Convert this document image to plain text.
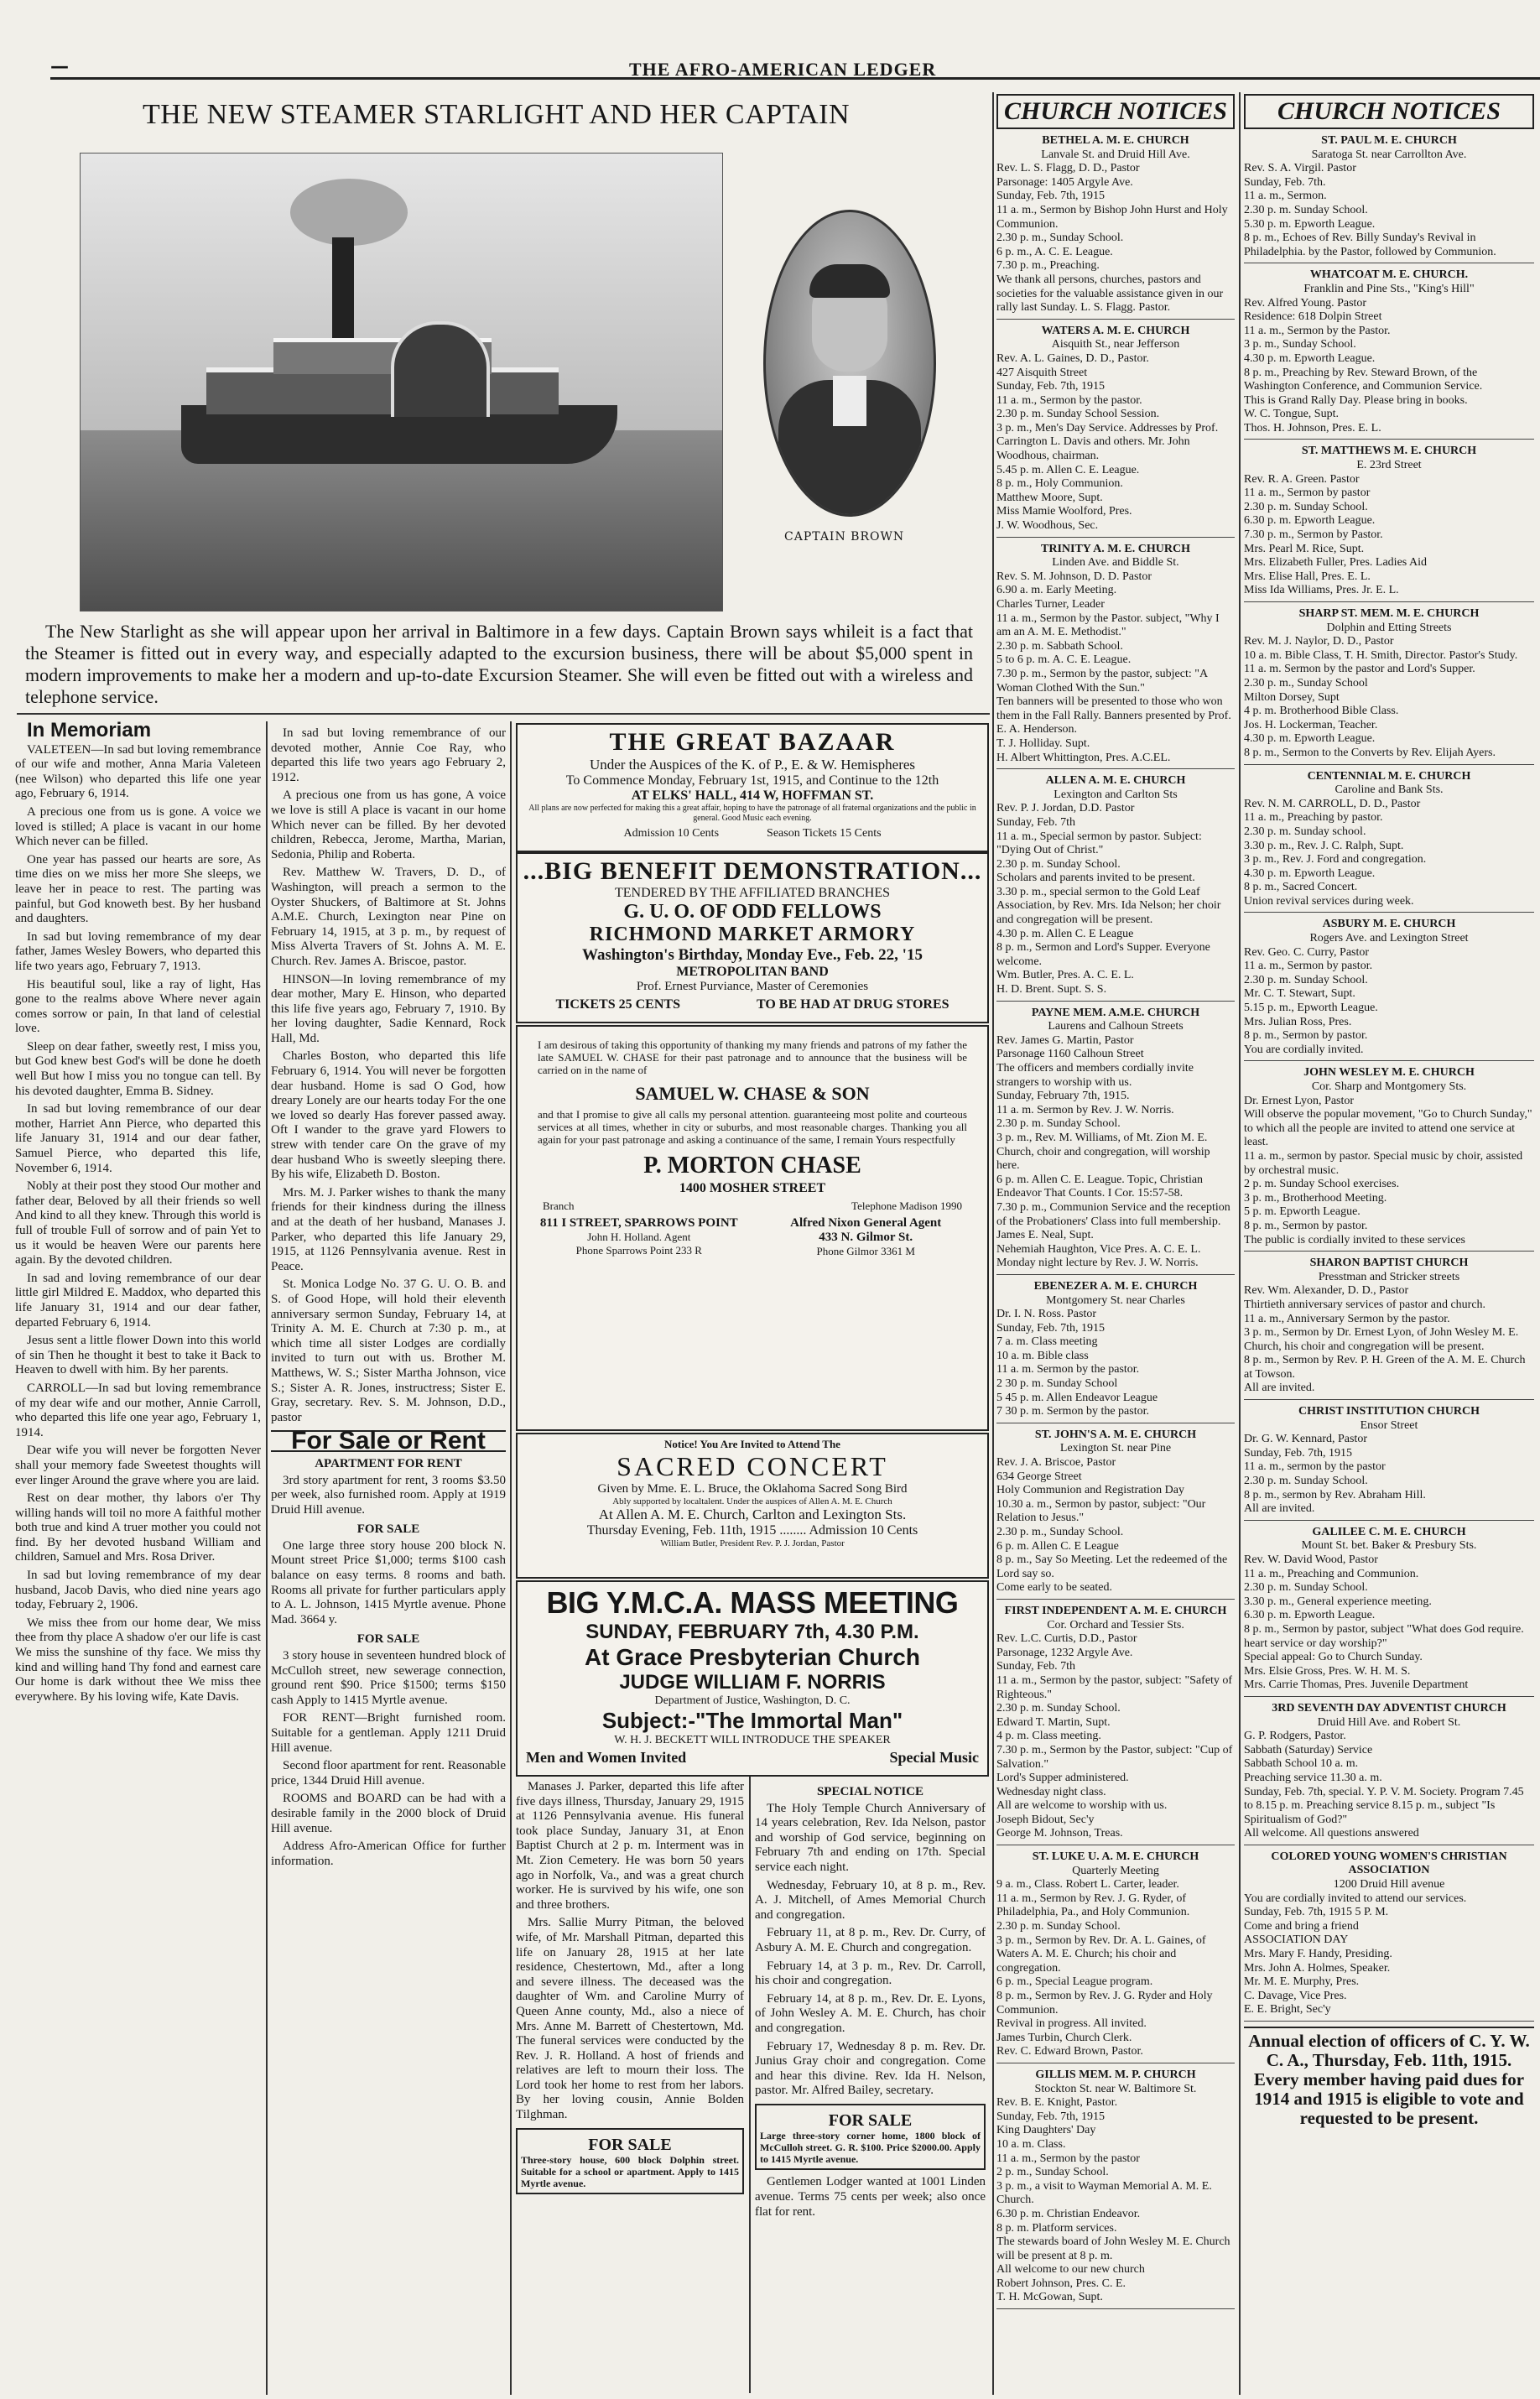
—	THE AFRO-AMERICAN LEDGER
THE NEW STEAMER STARLIGHT AND HER CAPTAIN
CAPTAIN BROWN
The New Starlight as she will appear upon her arrival in Baltimore in a few days. Captain Brown says whileit is a fact that the Steamer is fitted out in every way, and especially adapted to the excursion business, there will be about $5,000 spent in modern improvements to make her a modern and up-to-date Excursion Steamer. She will even be fitted out with a wireless and telephone service.
In Memoriam

VALETEEN—In sad but loving remembrance of our wife and mother, Anna Maria Valeteen (nee Wilson) who departed this life one year ago, February 6, 1914.

A precious one from us is gone. A voice we loved is stilled; A place is vacant in our home Which never can be filled.

One year has passed our hearts are sore, As time dies on we miss her more She sleeps, we leave her in peace to rest. The parting was painful, but God knoweth best. By her husband and daughters.

In sad but loving remembrance of my dear father, James Wesley Bowers, who departed this life two years ago, February 7, 1913.

His beautiful soul, like a ray of light, Has gone to the realms above Where never again comes sorrow or pain, In that land of celestial love.

Sleep on dear father, sweetly rest, I miss you, but God knew best God's will be done he doeth well But how I miss you no tongue can tell. By his devoted daughter, Emma B. Sidney.

In sad but loving remembrance of our dear mother, Harriet Ann Pierce, who departed this life January 31, 1914 and our dear father, Samuel Pierce, who departed this life, November 6, 1914.

Nobly at their post they stood Our mother and father dear, Beloved by all their friends so well And kind to all they knew. Through this world is full of trouble Full of sorrow and of pain Yet to us it would be heaven Were our parents here again. By the devoted children.

In sad and loving remembrance of our dear little girl Mildred E. Maddox, who departed this life January 31, 1914 and our dear father, departed February 6, 1914.

Jesus sent a little flower Down into this world of sin Then he thought it best to take it Back to Heaven to dwell with him. By her parents.

CARROLL—In sad but loving remembrance of my dear wife and our mother, Annie Carroll, who departed this life one year ago, February 1, 1914.

Dear wife you will never be forgotten Never shall your memory fade Sweetest thoughts will ever linger Around the grave where you are laid.

Rest on dear mother, thy labors o'er Thy willing hands will toil no more A faithful mother both true and kind A truer mother you could not find. By her devoted husband William and children, Samuel and Mrs. Rosa Driver.

In sad but loving remembrance of my dear husband, Jacob Davis, who died nine years ago today, February 2, 1906.

We miss thee from our home dear, We miss thee from thy place A shadow o'er our life is cast We miss the sunshine of thy face. We miss thy kind and willing hand Thy fond and earnest care Our home is dark without thee We miss thee everywhere. By his loving wife, Kate Davis.

In sad but loving remembrance of our devoted mother, Annie Coe Ray, who departed this life two years ago February 2, 1912.

A precious one from us has gone, A voice we love is still A place is vacant in our home Which never can be filled. By her devoted children, Rebecca, Jerome, Martha, Marian, Sedonia, Philip and Roberta.

Rev. Matthew W. Travers, D. D., of Washington, will preach a sermon to the Oyster Shuckers, of Baltimore at St. Johns A.M.E. Church, Lexington near Pine on February 14, 1915, at 3 p. m., by request of Miss Alverta Travers of St. Johns A. M. E. Church. Rev. James A. Briscoe, pastor.

HINSON—In loving remembrance of my dear mother, Mary E. Hinson, who departed this life five years ago, February 7, 1910. By her loving daughter, Sadie Kennard, Rock Hall, Md.

Charles Boston, who departed this life February 6, 1914. You will never be forgotten dear husband. Home is sad O God, how dreary Lonely are our hearts today For the one we loved so dearly Has forever passed away. Oft I wander to the grave yard Flowers to strew with tender care On the grave of my dear husband Who is sweetly sleeping there. By his wife, Elizabeth D. Boston.

Mrs. M. J. Parker wishes to thank the many friends for their kindness during the illness and at the death of her husband, Manases J. Parker, who departed this life January 29, 1915, at 1126 Pennsylvania avenue. Rest in Peace.

St. Monica Lodge No. 37 G. U. O. B. and S. of Good Hope, will hold their eleventh anniversary sermon Sunday, February 14, at Trinity A. M. E. Church at 7:30 p. m., at which time all sister Lodges are cordially invited to turn out with us. Brother M. Matthews, W. S.; Sister Martha Johnson, vice S.; Sister A. R. Jones, instructress; Sister E. Gray, secretary. Rev. S. M. Johnson, D.D., pastor

For Sale or Rent
APARTMENT FOR RENT

3rd story apartment for rent, 3 rooms $3.50 per week, also furnished room. Apply at 1919 Druid Hill avenue.

FOR SALE

One large three story house 200 block N. Mount street Price $1,000; terms $100 cash balance on easy terms. 8 rooms and bath. Rooms all private for further particulars apply to A. L. Johnson, 1415 Myrtle avenue. Phone Mad. 3664 y.

FOR SALE

3 story house in seventeen hundred block of McCulloh street, new sewerage connection, ground rent $90. Price $1500; terms $150 cash Apply to 1415 Myrtle avenue.

FOR RENT—Bright furnished room. Suitable for a gentleman. Apply 1211 Druid Hill avenue.

Second floor apartment for rent. Reasonable price, 1344 Druid Hill avenue.

ROOMS and BOARD can be had with a desirable family in the 2000 block of Druid Hill avenue.

Address Afro-American Office for further information.

THE GREAT BAZAAR
Under the Auspices of the K. of P., E. & W. Hemispheres
To Commence Monday, February 1st, 1915, and Continue to the 12th
AT ELKS' HALL, 414 W, HOFFMAN ST.
All plans are now perfected for making this a great affair, hoping to have the patronage of all fraternal organizations and the public in general. Good Music each evening.
Admission 10 Cents	Season Tickets 15 Cents
...BIG BENEFIT DEMONSTRATION...
TENDERED BY THE AFFILIATED BRANCHES
G. U. O. OF ODD FELLOWS
RICHMOND MARKET ARMORY
Washington's Birthday, Monday Eve., Feb. 22, '15
METROPOLITAN BAND
Prof. Ernest Purviance, Master of Ceremonies
TICKETS 25 CENTS	TO BE HAD AT DRUG STORES
I am desirous of taking this opportunity of thanking my many friends and patrons of my father the late SAMUEL W. CHASE for their past patronage and to announce that the business will be carried on in the name of
SAMUEL W. CHASE & SON
and that I promise to give all calls my personal attention. guaranteeing most polite and courteous services at all times, whether in city or suburbs, and most reasonable charges. Thanking you all again for your past patronage and asking a continuance of the same, I remain Yours respectfully
P. MORTON CHASE
1400 MOSHER STREET
Branch	Telephone Madison 1990
811 I STREET, SPARROWS POINT
John H. Holland. Agent
Phone Sparrows Point 233 R
Alfred Nixon General Agent
433 N. Gilmor St.
Phone Gilmor 3361 M
Notice! You Are Invited to Attend The
SACRED CONCERT
Given by Mme. E. L. Bruce, the Oklahoma Sacred Song Bird
Ably supported by localtalent. Under the auspices of Allen A. M. E. Church
At Allen A. M. E. Church, Carlton and Lexington Sts.
Thursday Evening, Feb. 11th, 1915 ........ Admission 10 Cents
William Butler, President Rev. P. J. Jordan, Pastor
BIG Y.M.C.A. MASS MEETING
SUNDAY, FEBRUARY 7th, 4.30 P.M.
At Grace Presbyterian Church
JUDGE WILLIAM F. NORRIS
Department of Justice, Washington, D. C.
Subject:-"The Immortal Man"
W. H. J. BECKETT WILL INTRODUCE THE SPEAKER
Men and Women Invited	Special Music

Manases J. Parker, departed this life after five days illness, Thursday, January 29, 1915 at 1126 Pennsylvania avenue. His funeral took place Sunday, January 31, at Enon Baptist Church at 2 p. m. Interment was in Mt. Zion Cemetery. He was born 50 years ago in Norfolk, Va., and was a great church worker. He is survived by his wife, one son and three brothers.

Mrs. Sallie Murry Pitman, the beloved wife, of Mr. Marshall Pitman, departed this life on January 28, 1915 at her late residence, Chestertown, Md., after a long and severe illness. The deceased was the daughter of Wm. and Caroline Murry of Queen Anne county, Md., also a niece of Mrs. Anne M. Barrett of Chestertown, Md. The funeral services were conducted by the Rev. J. R. Holland. A host of friends and relatives are left to mourn their loss. The Lord took her home to rest from her labors. By her loving cousin, Annie Bolden Tilghman.

FOR SALE
Three-story house, 600 block Dolphin street. Suitable for a school or apartment. Apply to 1415 Myrtle avenue.
SPECIAL NOTICE

The Holy Temple Church Anniversary of 14 years celebration, Rev. Ida Nelson, pastor and worship of God service, beginning on February 7th and ending on 17th. Special service each night.

Wednesday, February 10, at 8 p. m., Rev. A. J. Mitchell, of Ames Memorial Church and congregation.

February 11, at 8 p. m., Rev. Dr. Curry, of Asbury A. M. E. Church and congregation.

February 14, at 3 p. m., Rev. Dr. Carroll, his choir and congregation.

February 14, at 8 p. m., Rev. Dr. E. Lyons, of John Wesley A. M. E. Church, has choir and congregation.

February 17, Wednesday 8 p. m. Rev. Dr. Junius Gray choir and congregation. Come and hear this divine. Rev. Ida H. Nelson, pastor. Mr. Alfred Bailey, secretary.

FOR SALE
Large three-story corner home, 1800 block of McCulloh street. G. R. $100. Price $2000.00. Apply to 1415 Myrtle avenue.

Gentlemen Lodger wanted at 1001 Linden avenue. Terms 75 cents per week; also once flat for rent.

CHURCH NOTICES
BETHEL A. M. E. CHURCH
Lanvale St. and Druid Hill Ave.
Rev. L. S. Flagg, D. D., Pastor
Parsonage: 1405 Argyle Ave.
Sunday, Feb. 7th, 1915
11 a. m., Sermon by Bishop John Hurst and Holy Communion.
2.30 p. m., Sunday School.
6 p. m., A. C. E. League.
7.30 p. m., Preaching.
We thank all persons, churches, pastors and societies for the valuable assistance given in our rally last Sunday. L. S. Flagg. Pastor.
WATERS A. M. E. CHURCH
Aisquith St., near Jefferson
Rev. A. L. Gaines, D. D., Pastor.
427 Aisquith Street
Sunday, Feb. 7th, 1915
11 a. m., Sermon by the pastor.
2.30 p. m. Sunday School Session.
3 p. m., Men's Day Service. Addresses by Prof. Carrington L. Davis and others. Mr. John Woodhous, chairman.
5.45 p. m. Allen C. E. League.
8 p. m., Holy Communion.
Matthew Moore, Supt.
Miss Mamie Woolford, Pres.
J. W. Woodhous, Sec.
TRINITY A. M. E. CHURCH
Linden Ave. and Biddle St.
Rev. S. M. Johnson, D. D. Pastor
6.90 a. m. Early Meeting.
Charles Turner, Leader
11 a. m., Sermon by the Pastor. subject, "Why I am an A. M. E. Methodist."
2.30 p. m. Sabbath School.
5 to 6 p. m. A. C. E. League.
7.30 p. m., Sermon by the pastor, subject: "A Woman Clothed With the Sun."
Ten banners will be presented to those who won them in the Fall Rally. Banners presented by Prof. E. A. Henderson.
T. J. Holliday. Supt.
H. Albert Whittington, Pres. A.C.EL.
ALLEN A. M. E. CHURCH
Lexington and Carlton Sts
Rev. P. J. Jordan, D.D. Pastor
Sunday, Feb. 7th
11 a. m., Special sermon by pastor. Subject: "Dying Out of Christ."
2.30 p. m. Sunday School.
Scholars and parents invited to be present.
3.30 p. m., special sermon to the Gold Leaf Association, by Rev. Mrs. Ida Nelson; her choir and congregation will be present.
4.30 p. m. Allen C. E League
8 p. m., Sermon and Lord's Supper. Everyone welcome.
Wm. Butler, Pres. A. C. E. L.
H. D. Brent. Supt. S. S.
PAYNE MEM. A.M.E. CHURCH
Laurens and Calhoun Streets
Rev. James G. Martin, Pastor
Parsonage 1160 Calhoun Street
The officers and members cordially invite strangers to worship with us.
Sunday, February 7th, 1915.
11 a. m. Sermon by Rev. J. W. Norris.
2.30 p. m. Sunday School.
3 p. m., Rev. M. Williams, of Mt. Zion M. E. Church, choir and congregation, will worship here.
6 p. m. Allen C. E. League. Topic, Christian Endeavor That Counts. I Cor. 15:57-58.
7.30 p. m., Communion Service and the reception of the Probationers' Class into full membership.
James E. Neal, Supt.
Nehemiah Haughton, Vice Pres. A. C. E. L.
Monday night lecture by Rev. J. W. Norris.
EBENEZER A. M. E. CHURCH
Montgomery St. near Charles
Dr. I. N. Ross. Pastor
Sunday, Feb. 7th, 1915
7 a. m. Class meeting
10 a. m. Bible class
11 a. m. Sermon by the pastor.
2 30 p. m. Sunday School
5 45 p. m. Allen Endeavor League
7 30 p. m. Sermon by the pastor.
ST. JOHN'S A. M. E. CHURCH
Lexington St. near Pine
Rev. J. A. Briscoe, Pastor
634 George Street
Holy Communion and Registration Day
10.30 a. m., Sermon by pastor, subject: "Our Relation to Jesus."
2.30 p. m., Sunday School.
6 p. m. Allen C. E League
8 p. m., Say So Meeting. Let the redeemed of the Lord say so.
Come early to be seated.
FIRST INDEPENDENT A. M. E. CHURCH
Cor. Orchard and Tessier Sts.
Rev. L.C. Curtis, D.D., Pastor
Parsonage, 1232 Argyle Ave.
Sunday, Feb. 7th
11 a. m., Sermon by the pastor, subject: "Safety of Righteous."
2.30 p. m. Sunday School.
Edward T. Martin, Supt.
4 p. m. Class meeting.
7.30 p. m., Sermon by the Pastor, subject: "Cup of Salvation."
Lord's Supper administered.
Wednesday night class.
All are welcome to worship with us.
Joseph Bidout, Sec'y
George M. Johnson, Treas.
ST. LUKE U. A. M. E. CHURCH
Quarterly Meeting
9 a. m., Class. Robert L. Carter, leader.
11 a. m., Sermon by Rev. J. G. Ryder, of Philadelphia, Pa., and Holy Communion.
2.30 p. m. Sunday School.
3 p. m., Sermon by Rev. Dr. A. L. Gaines, of Waters A. M. E. Church; his choir and congregation.
6 p. m., Special League program.
8 p. m., Sermon by Rev. J. G. Ryder and Holy Communion.
Revival in progress. All invited.
James Turbin, Church Clerk.
Rev. C. Edward Brown, Pastor.
GILLIS MEM. M. P. CHURCH
Stockton St. near W. Baltimore St.
Rev. B. E. Knight, Pastor.
Sunday, Feb. 7th, 1915
King Daughters' Day
10 a. m. Class.
11 a. m., Sermon by the pastor
2 p. m., Sunday School.
3 p. m., a visit to Wayman Memorial A. M. E. Church.
6.30 p. m. Christian Endeavor.
8 p. m. Platform services.
The stewards board of John Wesley M. E. Church will be present at 8 p. m.
All welcome to our new church
Robert Johnson, Pres. C. E.
T. H. McGowan, Supt.
CHURCH NOTICES
ST. PAUL M. E. CHURCH
Saratoga St. near Carrollton Ave.
Rev. S. A. Virgil. Pastor
Sunday, Feb. 7th.
11 a. m., Sermon.
2.30 p. m. Sunday School.
5.30 p. m. Epworth League.
8 p. m., Echoes of Rev. Billy Sunday's Revival in Philadelphia. by the Pastor, followed by Communion.
WHATCOAT M. E. CHURCH.
Franklin and Pine Sts., "King's Hill"
Rev. Alfred Young. Pastor
Residence: 618 Dolpin Street
11 a. m., Sermon by the Pastor.
3 p. m., Sunday School.
4.30 p. m. Epworth League.
8 p. m., Preaching by Rev. Steward Brown, of the Washington Conference, and Communion Service.
This is Grand Rally Day. Please bring in books.
W. C. Tongue, Supt.
Thos. H. Johnson, Pres. E. L.
ST. MATTHEWS M. E. CHURCH
E. 23rd Street
Rev. R. A. Green. Pastor
11 a. m., Sermon by pastor
2.30 p. m. Sunday School.
6.30 p. m. Epworth League.
7.30 p. m., Sermon by Pastor.
Mrs. Pearl M. Rice, Supt.
Mrs. Elizabeth Fuller, Pres. Ladies Aid
Mrs. Elise Hall, Pres. E. L.
Miss Ida Williams, Pres. Jr. E. L.
SHARP ST. MEM. M. E. CHURCH
Dolphin and Etting Streets
Rev. M. J. Naylor, D. D., Pastor
10 a. m. Bible Class, T. H. Smith, Director. Pastor's Study.
11 a. m. Sermon by the pastor and Lord's Supper.
2.30 p. m., Sunday School
Milton Dorsey, Supt
4 p. m. Brotherhood Bible Class.
Jos. H. Lockerman, Teacher.
4.30 p. m. Epworth League.
8 p. m., Sermon to the Converts by Rev. Elijah Ayers.
CENTENNIAL M. E. CHURCH
Caroline and Bank Sts.
Rev. N. M. CARROLL, D. D., Pastor
11 a. m., Preaching by pastor.
2.30 p. m. Sunday school.
3.30 p. m., Rev. J. C. Ralph, Supt.
3 p. m., Rev. J. Ford and congregation.
4.30 p. m. Epworth League.
8 p. m., Sacred Concert.
Union revival services during week.
ASBURY M. E. CHURCH
Rogers Ave. and Lexington Street
Rev. Geo. C. Curry, Pastor
11 a. m., Sermon by pastor.
2.30 p. m. Sunday School.
Mr. C. T. Stewart, Supt.
5.15 p. m., Epworth League.
Mrs. Julian Ross, Pres.
8 p. m., Sermon by pastor.
You are cordially invited.
JOHN WESLEY M. E. CHURCH
Cor. Sharp and Montgomery Sts.
Dr. Ernest Lyon, Pastor
Will observe the popular movement, "Go to Church Sunday," to which all the people are invited to attend one service at least.
11 a. m., sermon by pastor. Special music by choir, assisted by orchestral music.
2 p. m. Sunday School exercises.
3 p. m., Brotherhood Meeting.
5 p. m. Epworth League.
8 p. m., Sermon by pastor.
The public is cordially invited to these services
SHARON BAPTIST CHURCH
Presstman and Stricker streets
Rev. Wm. Alexander, D. D., Pastor
Thirtieth anniversary services of pastor and church.
11 a. m., Anniversary Sermon by the pastor.
3 p. m., Sermon by Dr. Ernest Lyon, of John Wesley M. E. Church, his choir and congregation will be present.
8 p. m., Sermon by Rev. P. H. Green of the A. M. E. Church at Towson.
All are invited.
CHRIST INSTITUTION CHURCH
Ensor Street
Dr. G. W. Kennard, Pastor
Sunday, Feb. 7th, 1915
11 a. m., sermon by the pastor
2.30 p. m. Sunday School.
8 p. m., sermon by Rev. Abraham Hill.
All are invited.
GALILEE C. M. E. CHURCH
Mount St. bet. Baker & Presbury Sts.
Rev. W. David Wood, Pastor
11 a. m., Preaching and Communion.
2.30 p. m. Sunday School.
3.30 p. m., General experience meeting.
6.30 p. m. Epworth League.
8 p. m., Sermon by pastor, subject "What does God require. heart service or day worship?"
Special appeal: Go to Church Sunday.
Mrs. Elsie Gross, Pres. W. H. M. S.
Mrs. Carrie Thomas, Pres. Juvenile Department
3RD SEVENTH DAY ADVENTIST CHURCH
Druid Hill Ave. and Robert St.
G. P. Rodgers, Pastor.
Sabbath (Saturday) Service
Sabbath School 10 a. m.
Preaching service 11.30 a. m.
Sunday, Feb. 7th, special. Y. P. V. M. Society. Program 7.45 to 8.15 p. m. Preaching service 8.15 p. m., subject "Is Spiritualism of God?"
All welcome. All questions answered
COLORED YOUNG WOMEN'S CHRISTIAN ASSOCIATION
1200 Druid Hill avenue
You are cordially invited to attend our services.
Sunday, Feb. 7th, 1915 5 P. M.
Come and bring a friend
ASSOCIATION DAY
Mrs. Mary F. Handy, Presiding.
Mrs. John A. Holmes, Speaker.
Mr. M. E. Murphy, Pres.
C. Davage, Vice Pres.
E. E. Bright, Sec'y
Annual election of officers of C. Y. W. C. A., Thursday, Feb. 11th, 1915. Every member having paid dues for 1914 and 1915 is eligible to vote and requested to be present.
